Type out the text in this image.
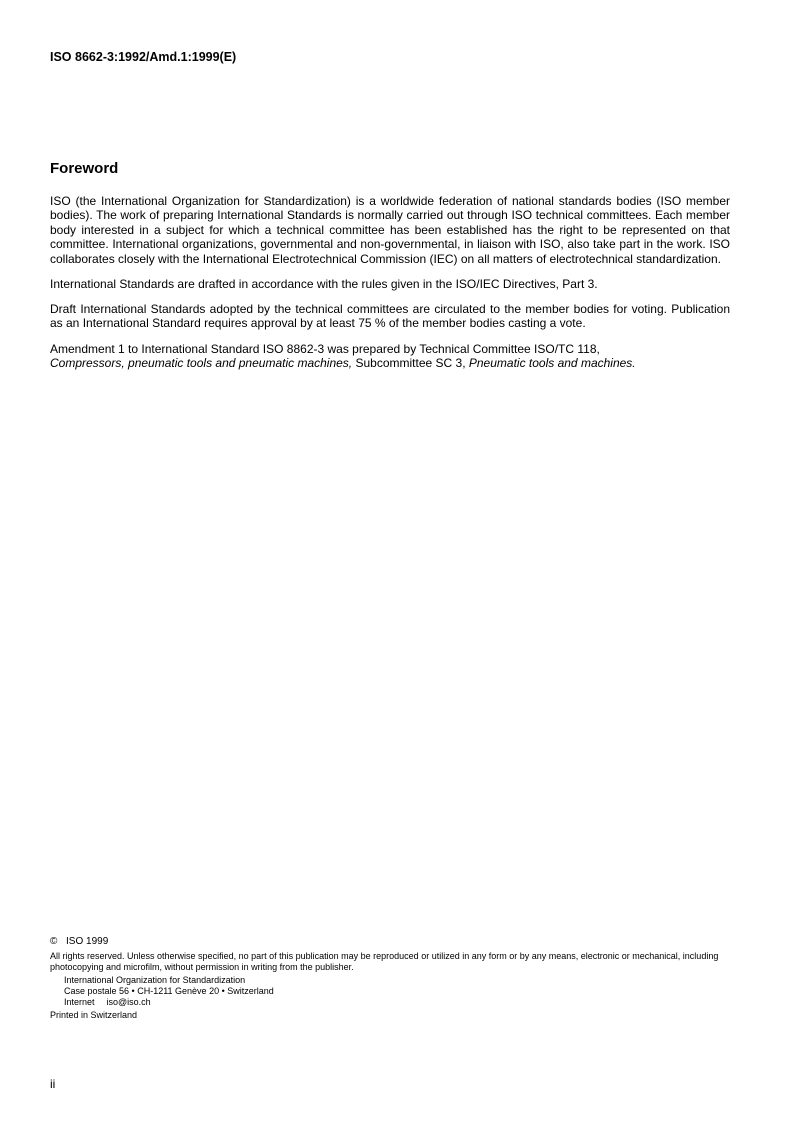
ISO 8662-3:1992/Amd.1:1999(E)
Foreword

ISO (the International Organization for Standardization) is a worldwide federation of national standards bodies (ISO member bodies). The work of preparing International Standards is normally carried out through ISO technical committees. Each member body interested in a subject for which a technical committee has been established has the right to be represented on that committee. International organizations, governmental and non-governmental, in liaison with ISO, also take part in the work. ISO collaborates closely with the International Electrotechnical Commission (IEC) on all matters of electrotechnical standardization.

International Standards are drafted in accordance with the rules given in the ISO/IEC Directives, Part 3.

Draft International Standards adopted by the technical committees are circulated to the member bodies for voting. Publication as an International Standard requires approval by at least 75 % of the member bodies casting a vote.

Amendment 1 to International Standard ISO 8862-3 was prepared by Technical Committee ISO/TC 118,
Compressors, pneumatic tools and pneumatic machines, Subcommittee SC 3, Pneumatic tools and machines.

© ISO 1999

All rights reserved. Unless otherwise specified, no part of this publication may be reproduced or utilized in any form or by any means, electronic or mechanical, including photocopying and microfilm, without permission in writing from the publisher.

International Organization for Standardization
Case postale 56 • CH-1211 Genève 20 • Switzerland
Internet iso@iso.ch
Printed in Switzerland
ii
